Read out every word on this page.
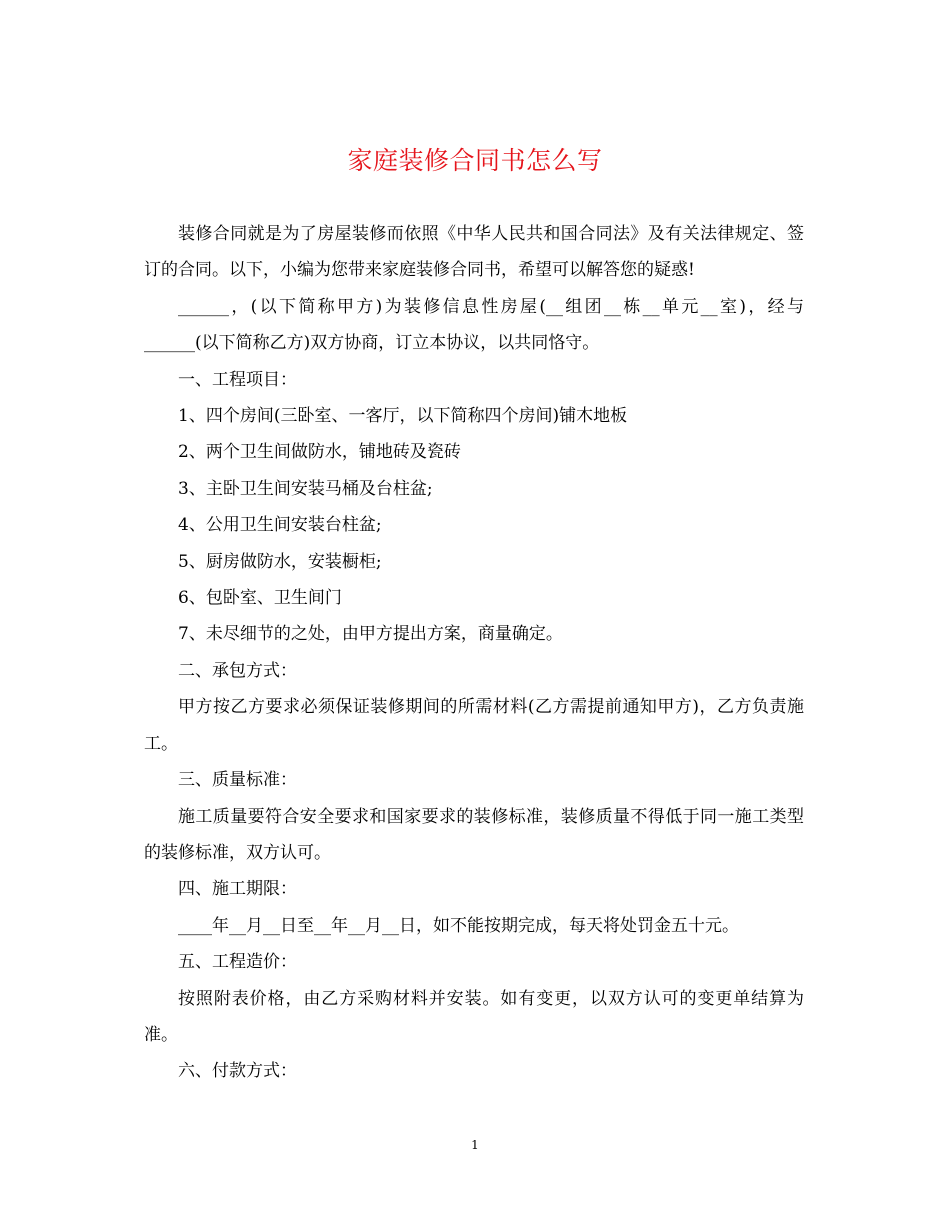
家庭装修合同书怎么写

装修合同就是为了房屋装修而依照《中华人民共和国合同法》及有关法律规定、签订的合同。以下，小编为您带来家庭装修合同书，希望可以解答您的疑惑!

______，(以下简称甲方)为装修信息性房屋(__组团__栋__单元__室)，经与______(以下简称乙方)双方协商，订立本协议，以共同恪守。

一、工程项目：

1、四个房间(三卧室、一客厅，以下简称四个房间)铺木地板

2、两个卫生间做防水，铺地砖及瓷砖

3、主卧卫生间安装马桶及台柱盆;

4、公用卫生间安装台柱盆;

5、厨房做防水，安装橱柜;

6、包卧室、卫生间门

7、未尽细节的之处，由甲方提出方案，商量确定。

二、承包方式：

甲方按乙方要求必须保证装修期间的所需材料(乙方需提前通知甲方)，乙方负责施工。

三、质量标准：

施工质量要符合安全要求和国家要求的装修标准，装修质量不得低于同一施工类型的装修标准，双方认可。

四、施工期限：

____年__月__日至__年__月__日，如不能按期完成，每天将处罚金五十元。

五、工程造价：

按照附表价格，由乙方采购材料并安装。如有变更，以双方认可的变更单结算为准。

六、付款方式：

1
